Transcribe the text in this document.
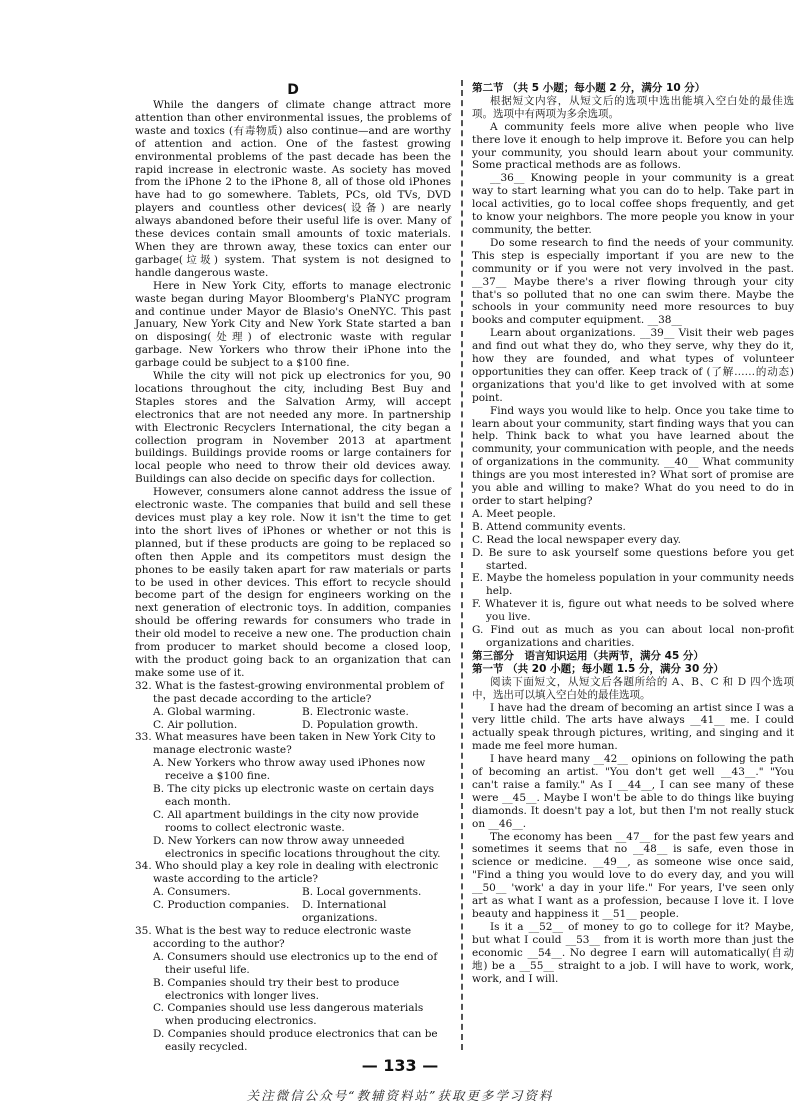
D
While the dangers of climate change attract more attention than other environmental issues, the problems of waste and toxics (有毒物质) also continue—and are worthy of attention and action. One of the fastest growing environmental problems of the past decade has been the rapid increase in electronic waste. As society has moved from the iPhone 2 to the iPhone 8, all of those old iPhones have had to go somewhere. Tablets, PCs, old TVs, DVD players and countless other devices(设备) are nearly always abandoned before their useful life is over. Many of these devices contain small amounts of toxic materials. When they are thrown away, these toxics can enter our garbage(垃圾) system. That system is not designed to handle dangerous waste.
Here in New York City, efforts to manage electronic waste began during Mayor Bloomberg's PlaNYC program and continue under Mayor de Blasio's OneNYC. This past January, New York City and New York State started a ban on disposing(处理) of electronic waste with regular garbage. New Yorkers who throw their iPhone into the garbage could be subject to a $100 fine.
While the city will not pick up electronics for you, 90 locations throughout the city, including Best Buy and Staples stores and the Salvation Army, will accept electronics that are not needed any more. In partnership with Electronic Recyclers International, the city began a collection program in November 2013 at apartment buildings. Buildings provide rooms or large containers for local people who need to throw their old devices away. Buildings can also decide on specific days for collection.
However, consumers alone cannot address the issue of electronic waste. The companies that build and sell these devices must play a key role. Now it isn't the time to get into the short lives of iPhones or whether or not this is planned, but if these products are going to be replaced so often then Apple and its competitors must design the phones to be easily taken apart for raw materials or parts to be used in other devices. This effort to recycle should become part of the design for engineers working on the next generation of electronic toys. In addition, companies should be offering rewards for consumers who trade in their old model to receive a new one. The production chain from producer to market should become a closed loop, with the product going back to an organization that can make some use of it.
32. What is the fastest-growing environmental problem of the past decade according to the article?
A. Global warming.	B. Electronic waste.
C. Air pollution.	D. Population growth.
33. What measures have been taken in New York City to manage electronic waste?
A. New Yorkers who throw away used iPhones now receive a $100 fine.
B. The city picks up electronic waste on certain days each month.
C. All apartment buildings in the city now provide rooms to collect electronic waste.
D. New Yorkers can now throw away unneeded electronics in specific locations throughout the city.
34. Who should play a key role in dealing with electronic waste according to the article?
A. Consumers.	B. Local governments.
C. Production companies.	D. International organizations.
35. What is the best way to reduce electronic waste according to the author?
A. Consumers should use electronics up to the end of their useful life.
B. Companies should try their best to produce electronics with longer lives.
C. Companies should use less dangerous materials when producing electronics.
D. Companies should produce electronics that can be easily recycled.
第二节 （共 5 小题；每小题 2 分，满分 10 分）
根据短文内容，从短文后的选项中选出能填入空白处的最佳选项。选项中有两项为多余选项。
A community feels more alive when people who live there love it enough to help improve it. Before you can help your community, you should learn about your community. Some practical methods are as follows.
__36__ Knowing people in your community is a great way to start learning what you can do to help. Take part in local activities, go to local coffee shops frequently, and get to know your neighbors. The more people you know in your community, the better.
Do some research to find the needs of your community. This step is especially important if you are new to the community or if you were not very involved in the past. __37__ Maybe there's a river flowing through your city that's so polluted that no one can swim there. Maybe the schools in your community need more resources to buy books and computer equipment. __38__
Learn about organizations. __39__ Visit their web pages and find out what they do, who they serve, why they do it, how they are founded, and what types of volunteer opportunities they can offer. Keep track of (了解……的动态) organizations that you'd like to get involved with at some point.
Find ways you would like to help. Once you take time to learn about your community, start finding ways that you can help. Think back to what you have learned about the community, your communication with people, and the needs of organizations in the community. __40__ What community things are you most interested in? What sort of promise are you able and willing to make? What do you need to do in order to start helping?
A. Meet people.
B. Attend community events.
C. Read the local newspaper every day.
D. Be sure to ask yourself some questions before you get started.
E. Maybe the homeless population in your community needs help.
F. Whatever it is, figure out what needs to be solved where you live.
G. Find out as much as you can about local non-profit organizations and charities.
第三部分　语言知识运用（共两节，满分 45 分）
第一节 （共 20 小题；每小题 1.5 分，满分 30 分）
阅读下面短文，从短文后各题所给的 A、B、C 和 D 四个选项中，选出可以填入空白处的最佳选项。
I have had the dream of becoming an artist since I was a very little child. The arts have always __41__ me. I could actually speak through pictures, writing, and singing and it made me feel more human.
I have heard many __42__ opinions on following the path of becoming an artist. "You don't get well __43__." "You can't raise a family." As I __44__, I can see many of these were __45__. Maybe I won't be able to do things like buying diamonds. It doesn't pay a lot, but then I'm not really stuck on __46__.
The economy has been __47__ for the past few years and sometimes it seems that no __48__ is safe, even those in science or medicine. __49__, as someone wise once said, "Find a thing you would love to do every day, and you will __50__ 'work' a day in your life." For years, I've seen only art as what I want as a profession, because I love it. I love beauty and happiness it __51__ people.
Is it a __52__ of money to go to college for it? Maybe, but what I could __53__ from it is worth more than just the economic __54__. No degree I earn will automatically(自动地) be a __55__ straight to a job. I will have to work, work, work, and I will.
— 133 —
关注微信公众号“教辅资料站”获取更多学习资料
